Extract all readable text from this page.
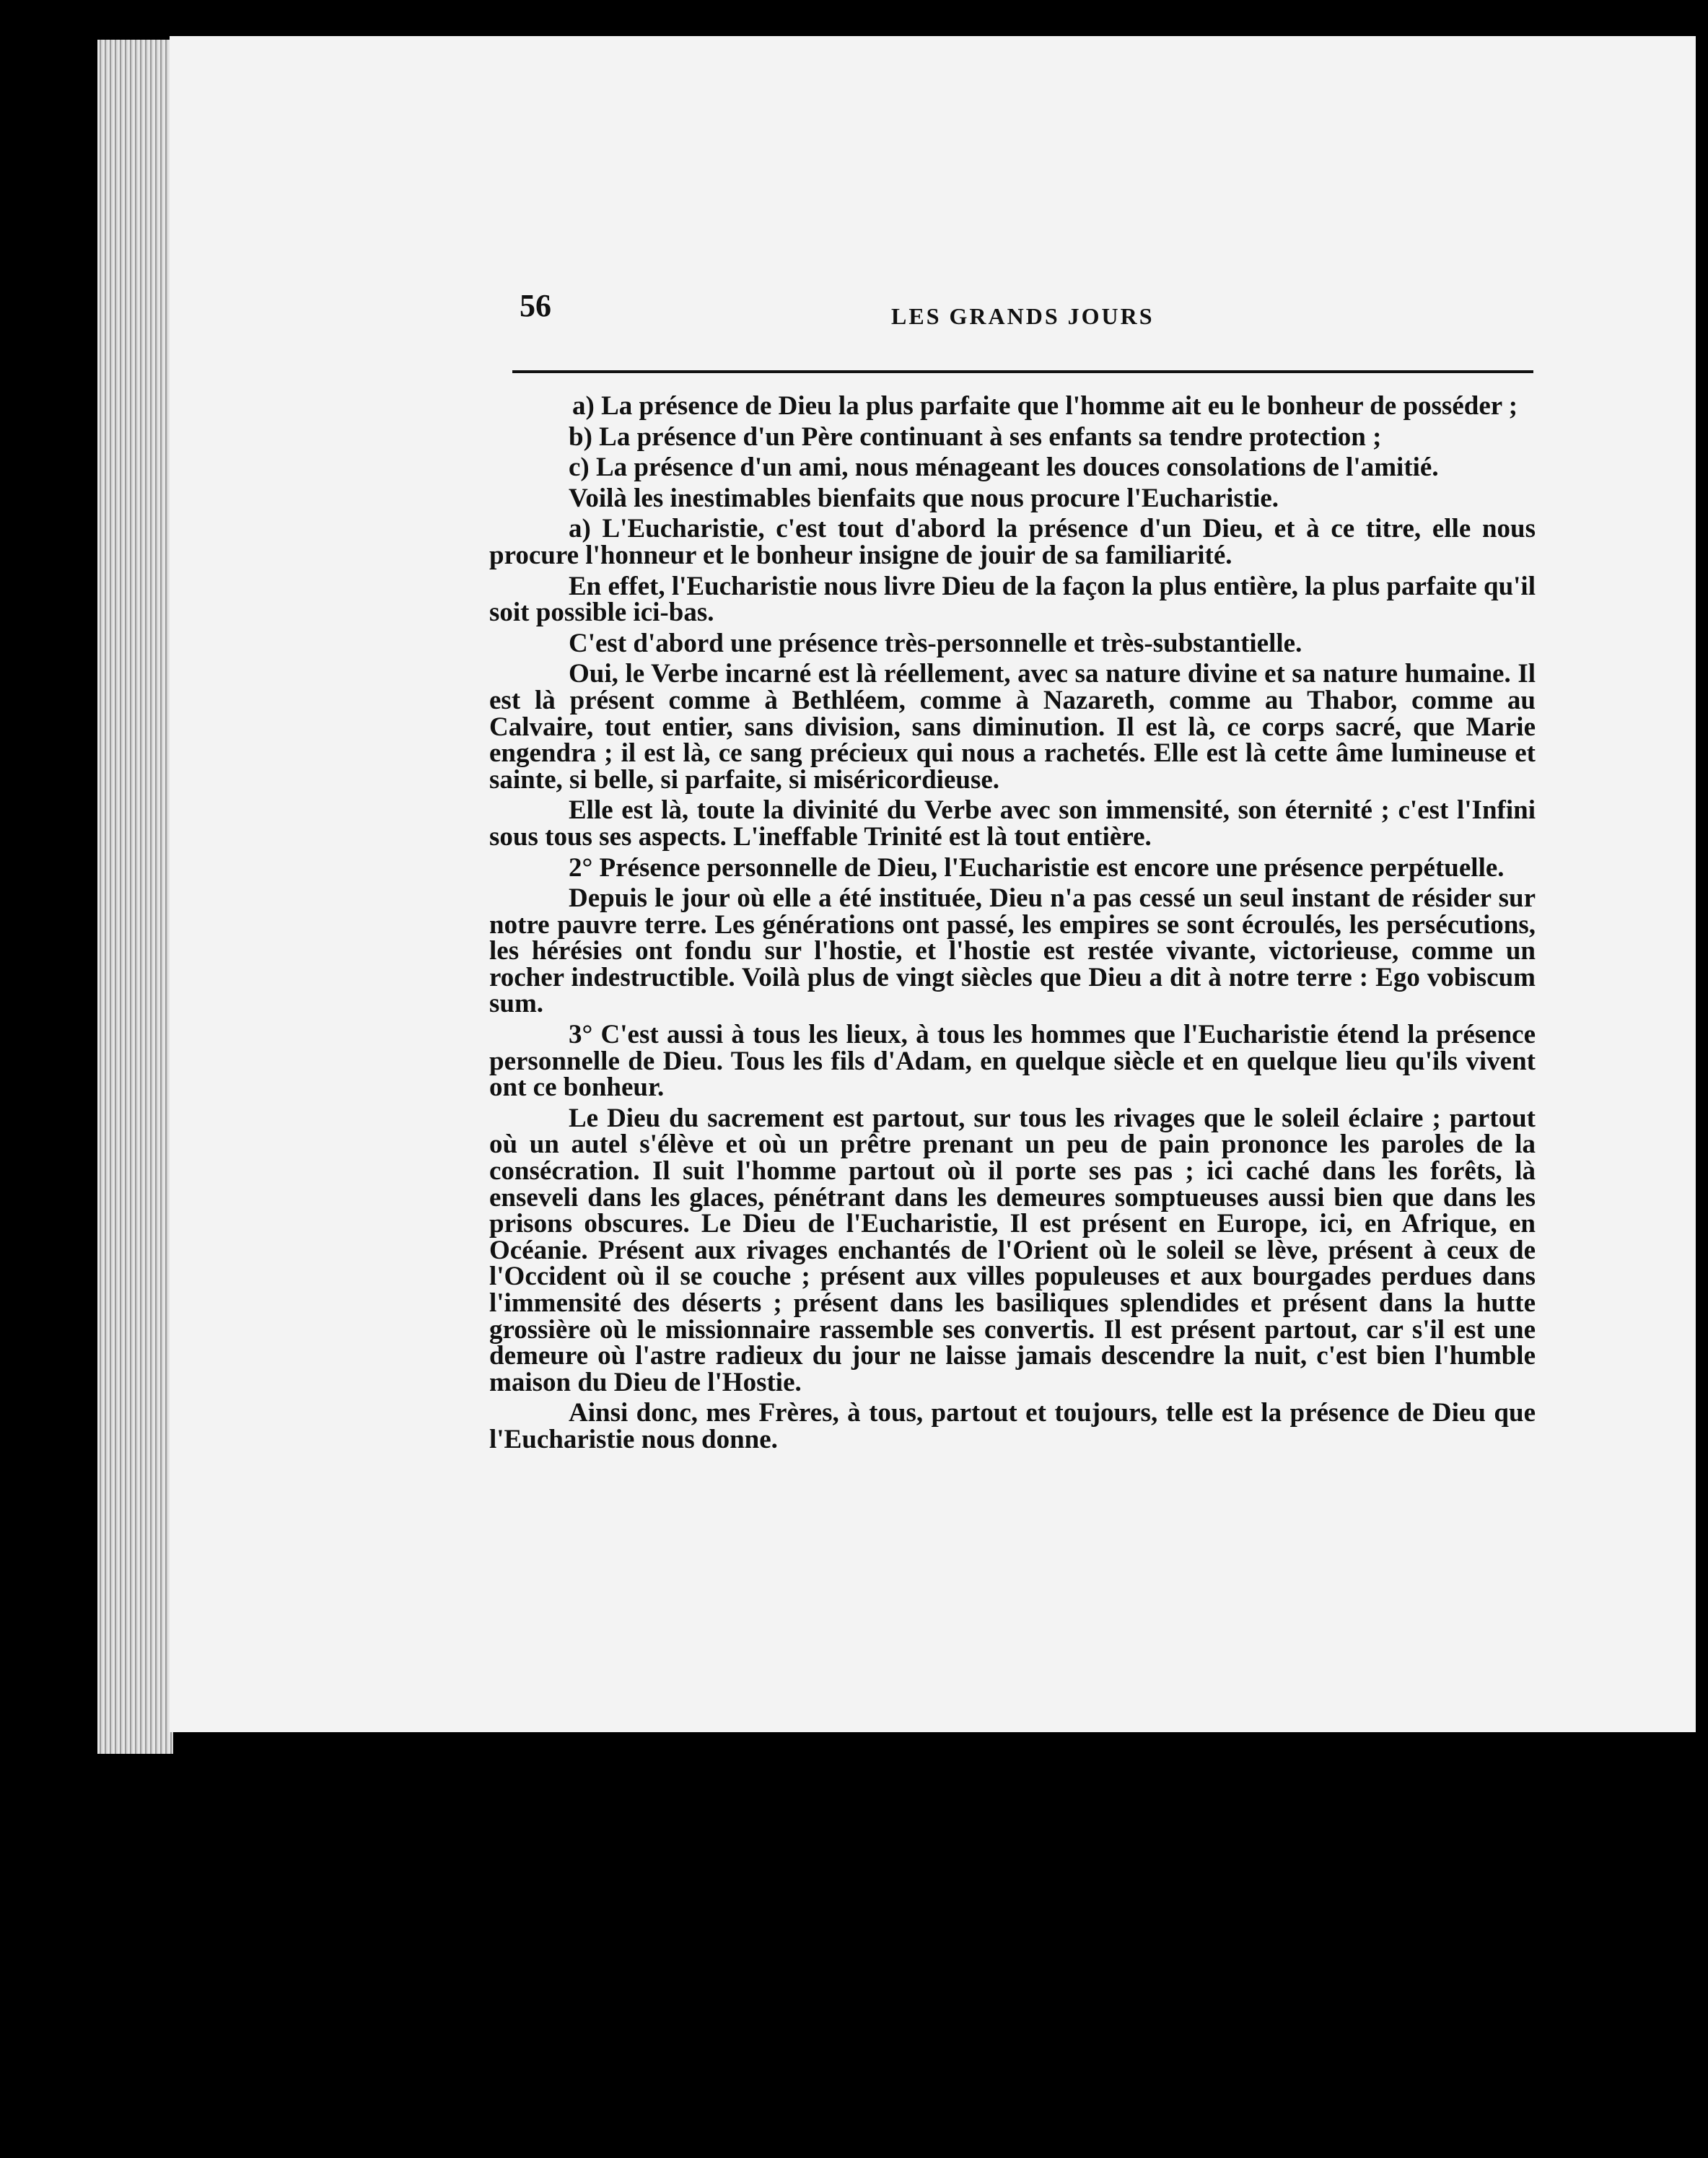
56	LES GRANDS JOURS

a) La présence de Dieu la plus parfaite que l'homme ait eu le bonheur de posséder ;

b) La présence d'un Père continuant à ses enfants sa tendre protection ;

c) La présence d'un ami, nous ménageant les douces consolations de l'amitié.

Voilà les inestimables bienfaits que nous procure l'Eucharistie.

a) L'Eucharistie, c'est tout d'abord la présence d'un Dieu, et à ce titre, elle nous procure l'honneur et le bonheur insigne de jouir de sa familiarité.

En effet, l'Eucharistie nous livre Dieu de la façon la plus entière, la plus parfaite qu'il soit possible ici-bas.

C'est d'abord une présence très-personnelle et très-substantielle.

Oui, le Verbe incarné est là réellement, avec sa nature divine et sa nature humaine. Il est là présent comme à Bethléem, comme à Nazareth, comme au Thabor, comme au Calvaire, tout entier, sans division, sans diminution. Il est là, ce corps sacré, que Marie engendra ; il est là, ce sang précieux qui nous a rachetés. Elle est là cette âme lumineuse et sainte, si belle, si parfaite, si miséricordieuse.

Elle est là, toute la divinité du Verbe avec son immensité, son éternité ; c'est l'Infini sous tous ses aspects. L'ineffable Trinité est là tout entière.

2° Présence personnelle de Dieu, l'Eucharistie est encore une présence perpétuelle.

Depuis le jour où elle a été instituée, Dieu n'a pas cessé un seul instant de résider sur notre pauvre terre. Les générations ont passé, les empires se sont écroulés, les persécutions, les hérésies ont fondu sur l'hostie, et l'hostie est restée vivante, victorieuse, comme un rocher indestructible. Voilà plus de vingt siècles que Dieu a dit à notre terre : Ego vobiscum sum.

3° C'est aussi à tous les lieux, à tous les hommes que l'Eucharistie étend la présence personnelle de Dieu. Tous les fils d'Adam, en quelque siècle et en quelque lieu qu'ils vivent ont ce bonheur.

Le Dieu du sacrement est partout, sur tous les rivages que le soleil éclaire ; partout où un autel s'élève et où un prêtre prenant un peu de pain prononce les paroles de la consécration. Il suit l'homme partout où il porte ses pas ; ici caché dans les forêts, là enseveli dans les glaces, pénétrant dans les demeures somptueuses aussi bien que dans les prisons obscures. Le Dieu de l'Eucharistie, Il est présent en Europe, ici, en Afrique, en Océanie. Présent aux rivages enchantés de l'Orient où le soleil se lève, présent à ceux de l'Occident où il se couche ; présent aux villes populeuses et aux bourgades perdues dans l'immensité des déserts ; présent dans les basiliques splendides et présent dans la hutte grossière où le missionnaire rassemble ses convertis. Il est présent partout, car s'il est une demeure où l'astre radieux du jour ne laisse jamais descendre la nuit, c'est bien l'humble maison du Dieu de l'Hostie.

Ainsi donc, mes Frères, à tous, partout et toujours, telle est la présence de Dieu que l'Eucharistie nous donne.
